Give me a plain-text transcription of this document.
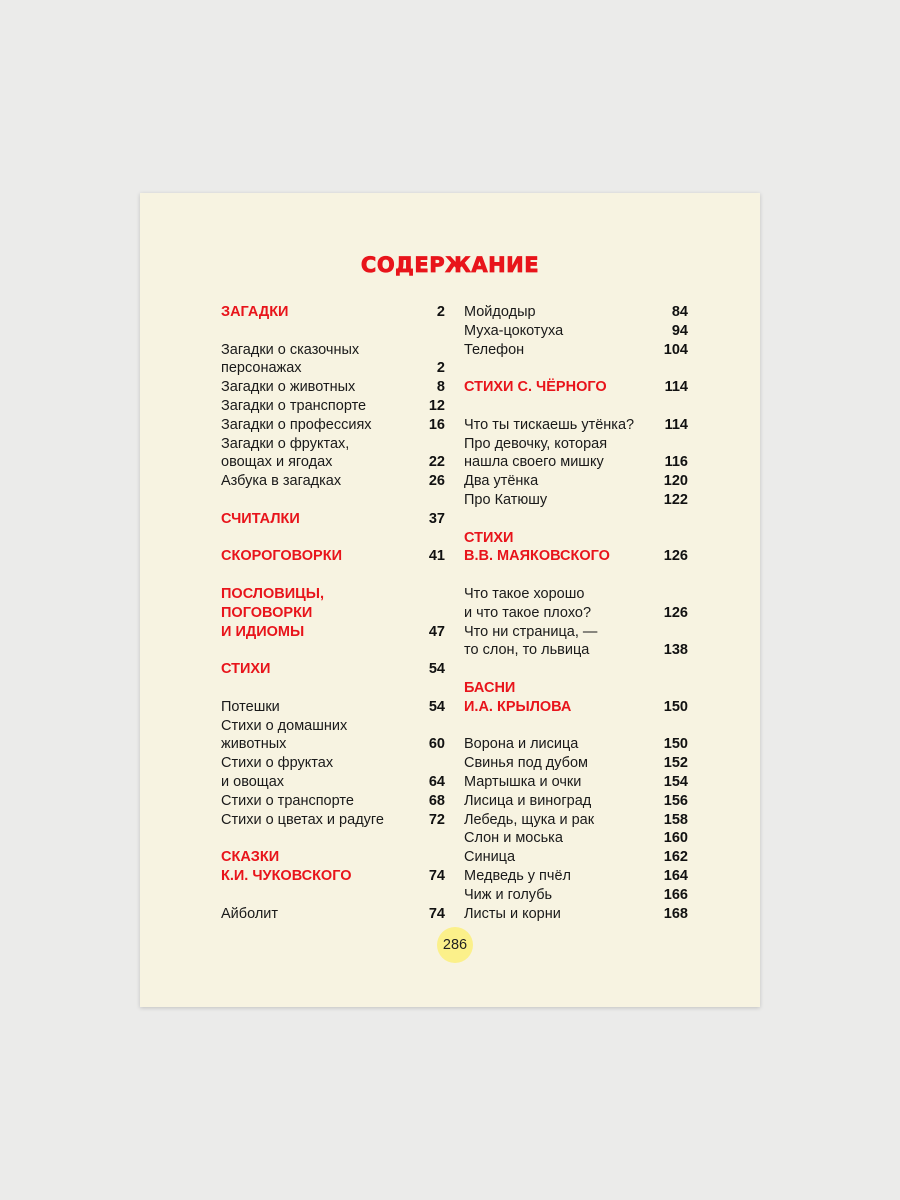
СОДЕРЖАНИЕ
ЗАГАДКИ	2
Загадки о сказочных
персонажах	2
Загадки о животных	8
Загадки о транспорте	12
Загадки о профессиях	16
Загадки о фруктах,
овощах и ягодах	22
Азбука в загадках	26
СЧИТАЛКИ	37
СКОРОГОВОРКИ	41
ПОСЛОВИЦЫ,
ПОГОВОРКИ
И ИДИОМЫ	47
СТИХИ	54
Потешки	54
Стихи о домашних
животных	60
Стихи о фруктах
и овощах	64
Стихи о транспорте	68
Стихи о цветах и радуге	72
СКАЗКИ
К.И. ЧУКОВСКОГО	74
Айболит	74
Мойдодыр	84
Муха-цокотуха	94
Телефон	104
СТИХИ С. ЧЁРНОГО	114
Что ты тискаешь утёнка? 114
Про девочку, которая
нашла своего мишку	116
Два утёнка	120
Про Катюшу	122
СТИХИ
В.В. МАЯКОВСКОГО	126
Что такое хорошо
и что такое плохо?	126
Что ни страница, —
то слон, то львица	138
БАСНИ
И.А. КРЫЛОВА	150
Ворона и лисица	150
Свинья под дубом	152
Мартышка и очки	154
Лисица и виноград	156
Лебедь, щука и рак	158
Слон и моська	160
Синица	162
Медведь у пчёл	164
Чиж и голубь	166
Листы и корни	168
286
